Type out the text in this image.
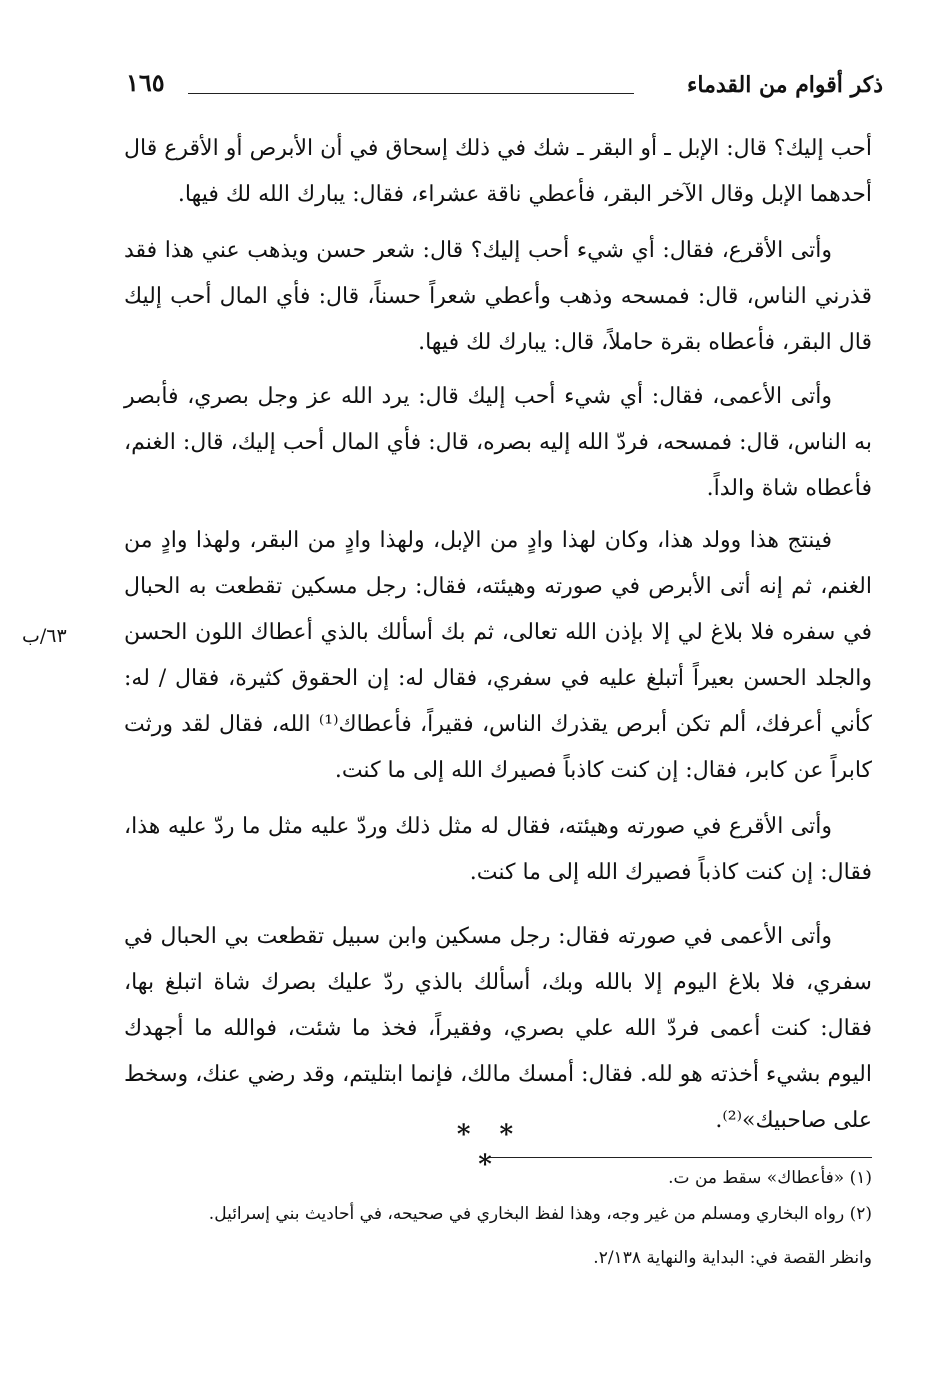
ذكر أقوام من القدماء
١٦٥
٦٣/ب

أحب إليك؟ قال: الإبل ـ أو البقر ـ شك في ذلك إسحاق في أن الأبرص أو الأقرع قال أحدهما الإبل وقال الآخر البقر، فأعطي ناقة عشراء، فقال: يبارك الله لك فيها.

وأتى الأقرع، فقال: أي شيء أحب إليك؟ قال: شعر حسن ويذهب عني هذا فقد قذرني الناس، قال: فمسحه وذهب وأعطي شعراً حسناً، قال: فأي المال أحب إليك قال البقر، فأعطاه بقرة حاملاً، قال: يبارك لك فيها.

وأتى الأعمى، فقال: أي شيء أحب إليك قال: يرد الله عز وجل بصري، فأبصر به الناس، قال: فمسحه، فردّ الله إليه بصره، قال: فأي المال أحب إليك، قال: الغنم، فأعطاه شاة والداً.

فينتج هذا وولد هذا، وكان لهذا وادٍ من الإبل، ولهذا وادٍ من البقر، ولهذا وادٍ من الغنم، ثم إنه أتى الأبرص في صورته وهيئته، فقال: رجل مسكين تقطعت به الحبال في سفره فلا بلاغ لي إلا بإذن الله تعالى، ثم بك أسألك بالذي أعطاك اللون الحسن والجلد الحسن بعيراً أتبلغ عليه في سفري، فقال له: إن الحقوق كثيرة، فقال / له: كأني أعرفك، ألم تكن أبرص يقذرك الناس، فقيراً، فأعطاك⁽¹⁾ الله، فقال لقد ورثت كابراً عن كابر، فقال: إن كنت كاذباً فصيرك الله إلى ما كنت.

وأتى الأقرع في صورته وهيئته، فقال له مثل ذلك وردّ عليه مثل ما ردّ عليه هذا، فقال: إن كنت كاذباً فصيرك الله إلى ما كنت.

وأتى الأعمى في صورته فقال: رجل مسكين وابن سبيل تقطعت بي الحبال في سفري، فلا بلاغ اليوم إلا بالله وبك، أسألك بالذي ردّ عليك بصرك شاة اتبلغ بها، فقال: كنت أعمى فردّ الله علي بصري، وفقيراً، فخذ ما شئت، فوالله ما أجهدك اليوم بشيء أخذته هو لله. فقال: أمسك مالك، فإنما ابتليتم، وقد رضي عنك، وسخط على صاحبيك»⁽²⁾.

* * *	(١) «فأعطاك» سقط من ت.

(٢) رواه البخاري ومسلم من غير وجه، وهذا لفظ البخاري في صحيحه، في أحاديث بني إسرائيل.

وانظر القصة في: البداية والنهاية ٢/١٣٨.
